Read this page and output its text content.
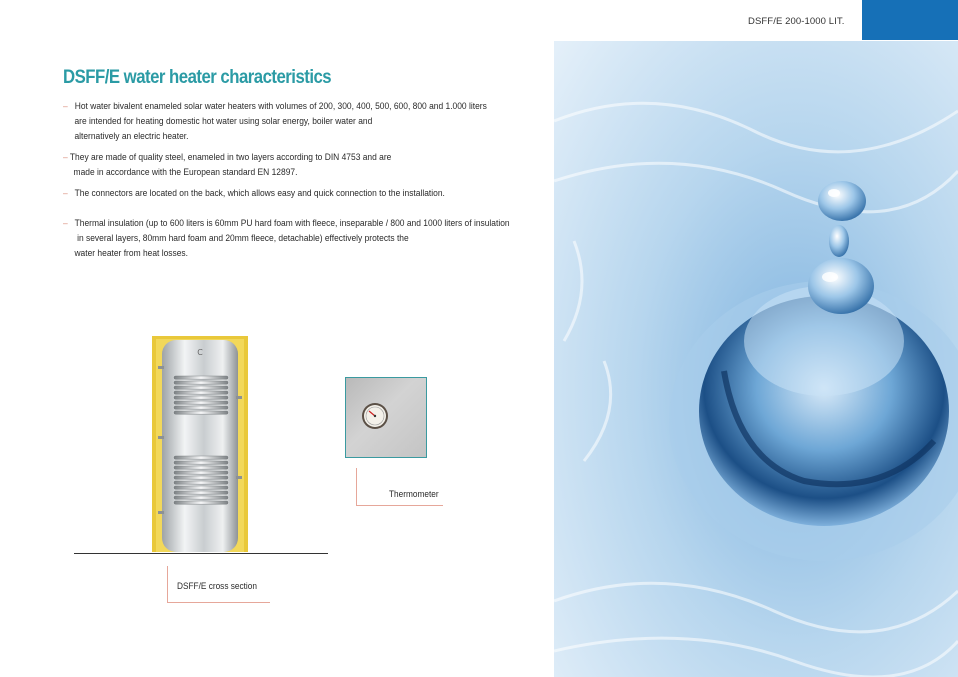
DSFF/E 200-1000 LIT.
DSFF/E water heater characteristics
– Hot water bivalent enameled solar water heaters with volumes of 200, 300, 400, 500, 600, 800 and 1.000 liters
are intended for heating domestic hot water using solar energy, boiler water and
alternatively an electric heater.
– They are made of quality steel, enameled in two layers according to DIN 4753 and are
made in accordance with the European standard EN 12897.
– The connectors are located on the back, which allows easy and quick connection to the installation.
– Thermal insulation (up to 600 liters is 60mm PU hard foam with fleece, inseparable / 800 and 1000 liters of insulation
in several layers, 80mm hard foam and 20mm fleece, detachable) effectively protects the
water heater from heat losses.
C
DSFF/E cross section
Thermometer
